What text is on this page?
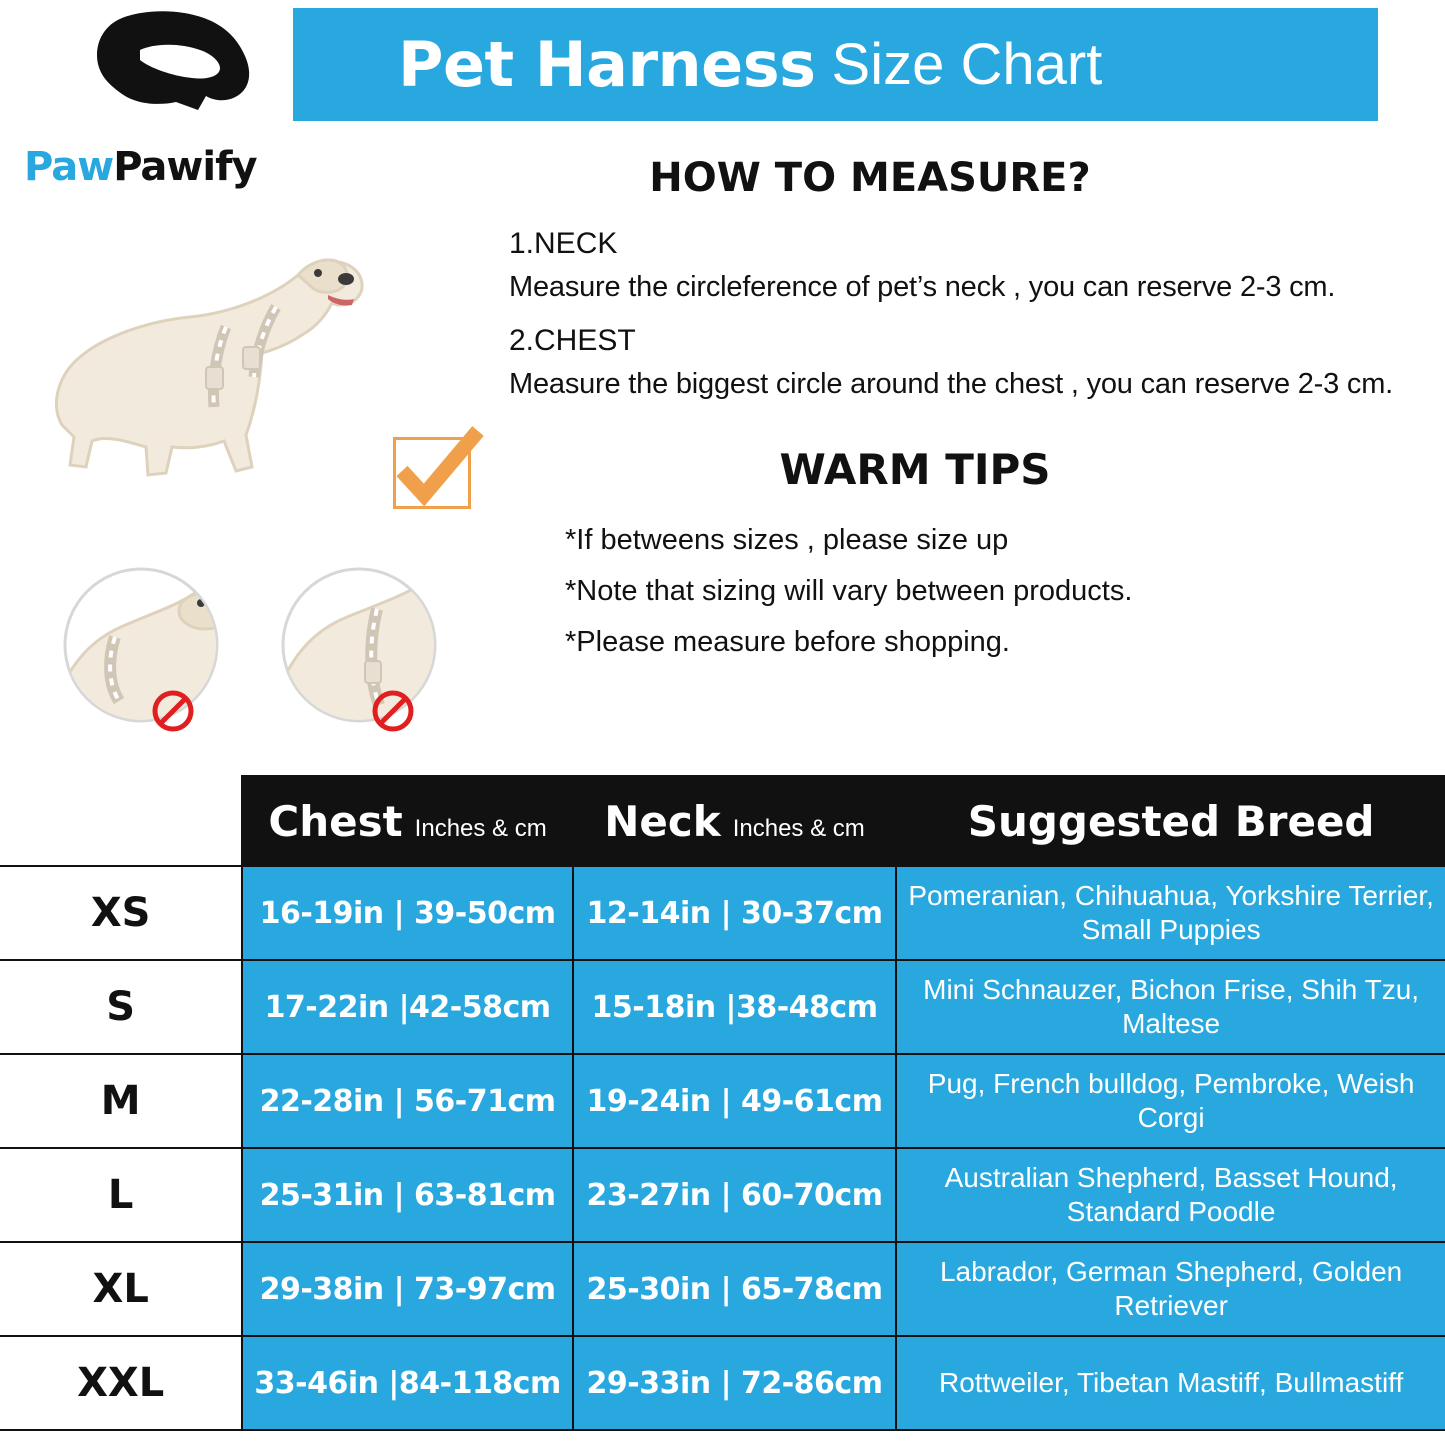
Pet Harness Size Chart
PawPawify	HOW TO MEASURE?

1.NECK

Measure the circleference of pet’s neck , you can reserve 2-3 cm.

2.CHEST

Measure the biggest circle around the chest , you can reserve 2-3 cm.

WARM TIPS

*If betweens sizes , please size up

*Note that sizing will vary between products.

*Please measure before shopping.

	Chest Inches & cm	Neck Inches & cm	Suggested Breed
XS	16-19in | 39-50cm	12-14in | 30-37cm	Pomeranian, Chihuahua, Yorkshire Terrier, Small Puppies
S	17-22in |42-58cm	15-18in |38-48cm	Mini Schnauzer, Bichon Frise, Shih Tzu, Maltese
M	22-28in | 56-71cm	19-24in | 49-61cm	Pug, French bulldog, Pembroke, Weish Corgi
L	25-31in | 63-81cm	23-27in | 60-70cm	Australian Shepherd, Basset Hound, Standard Poodle
XL	29-38in | 73-97cm	25-30in | 65-78cm	Labrador, German Shepherd, Golden Retriever
XXL	33-46in |84-118cm	29-33in | 72-86cm	Rottweiler, Tibetan Mastiff, Bullmastiff
